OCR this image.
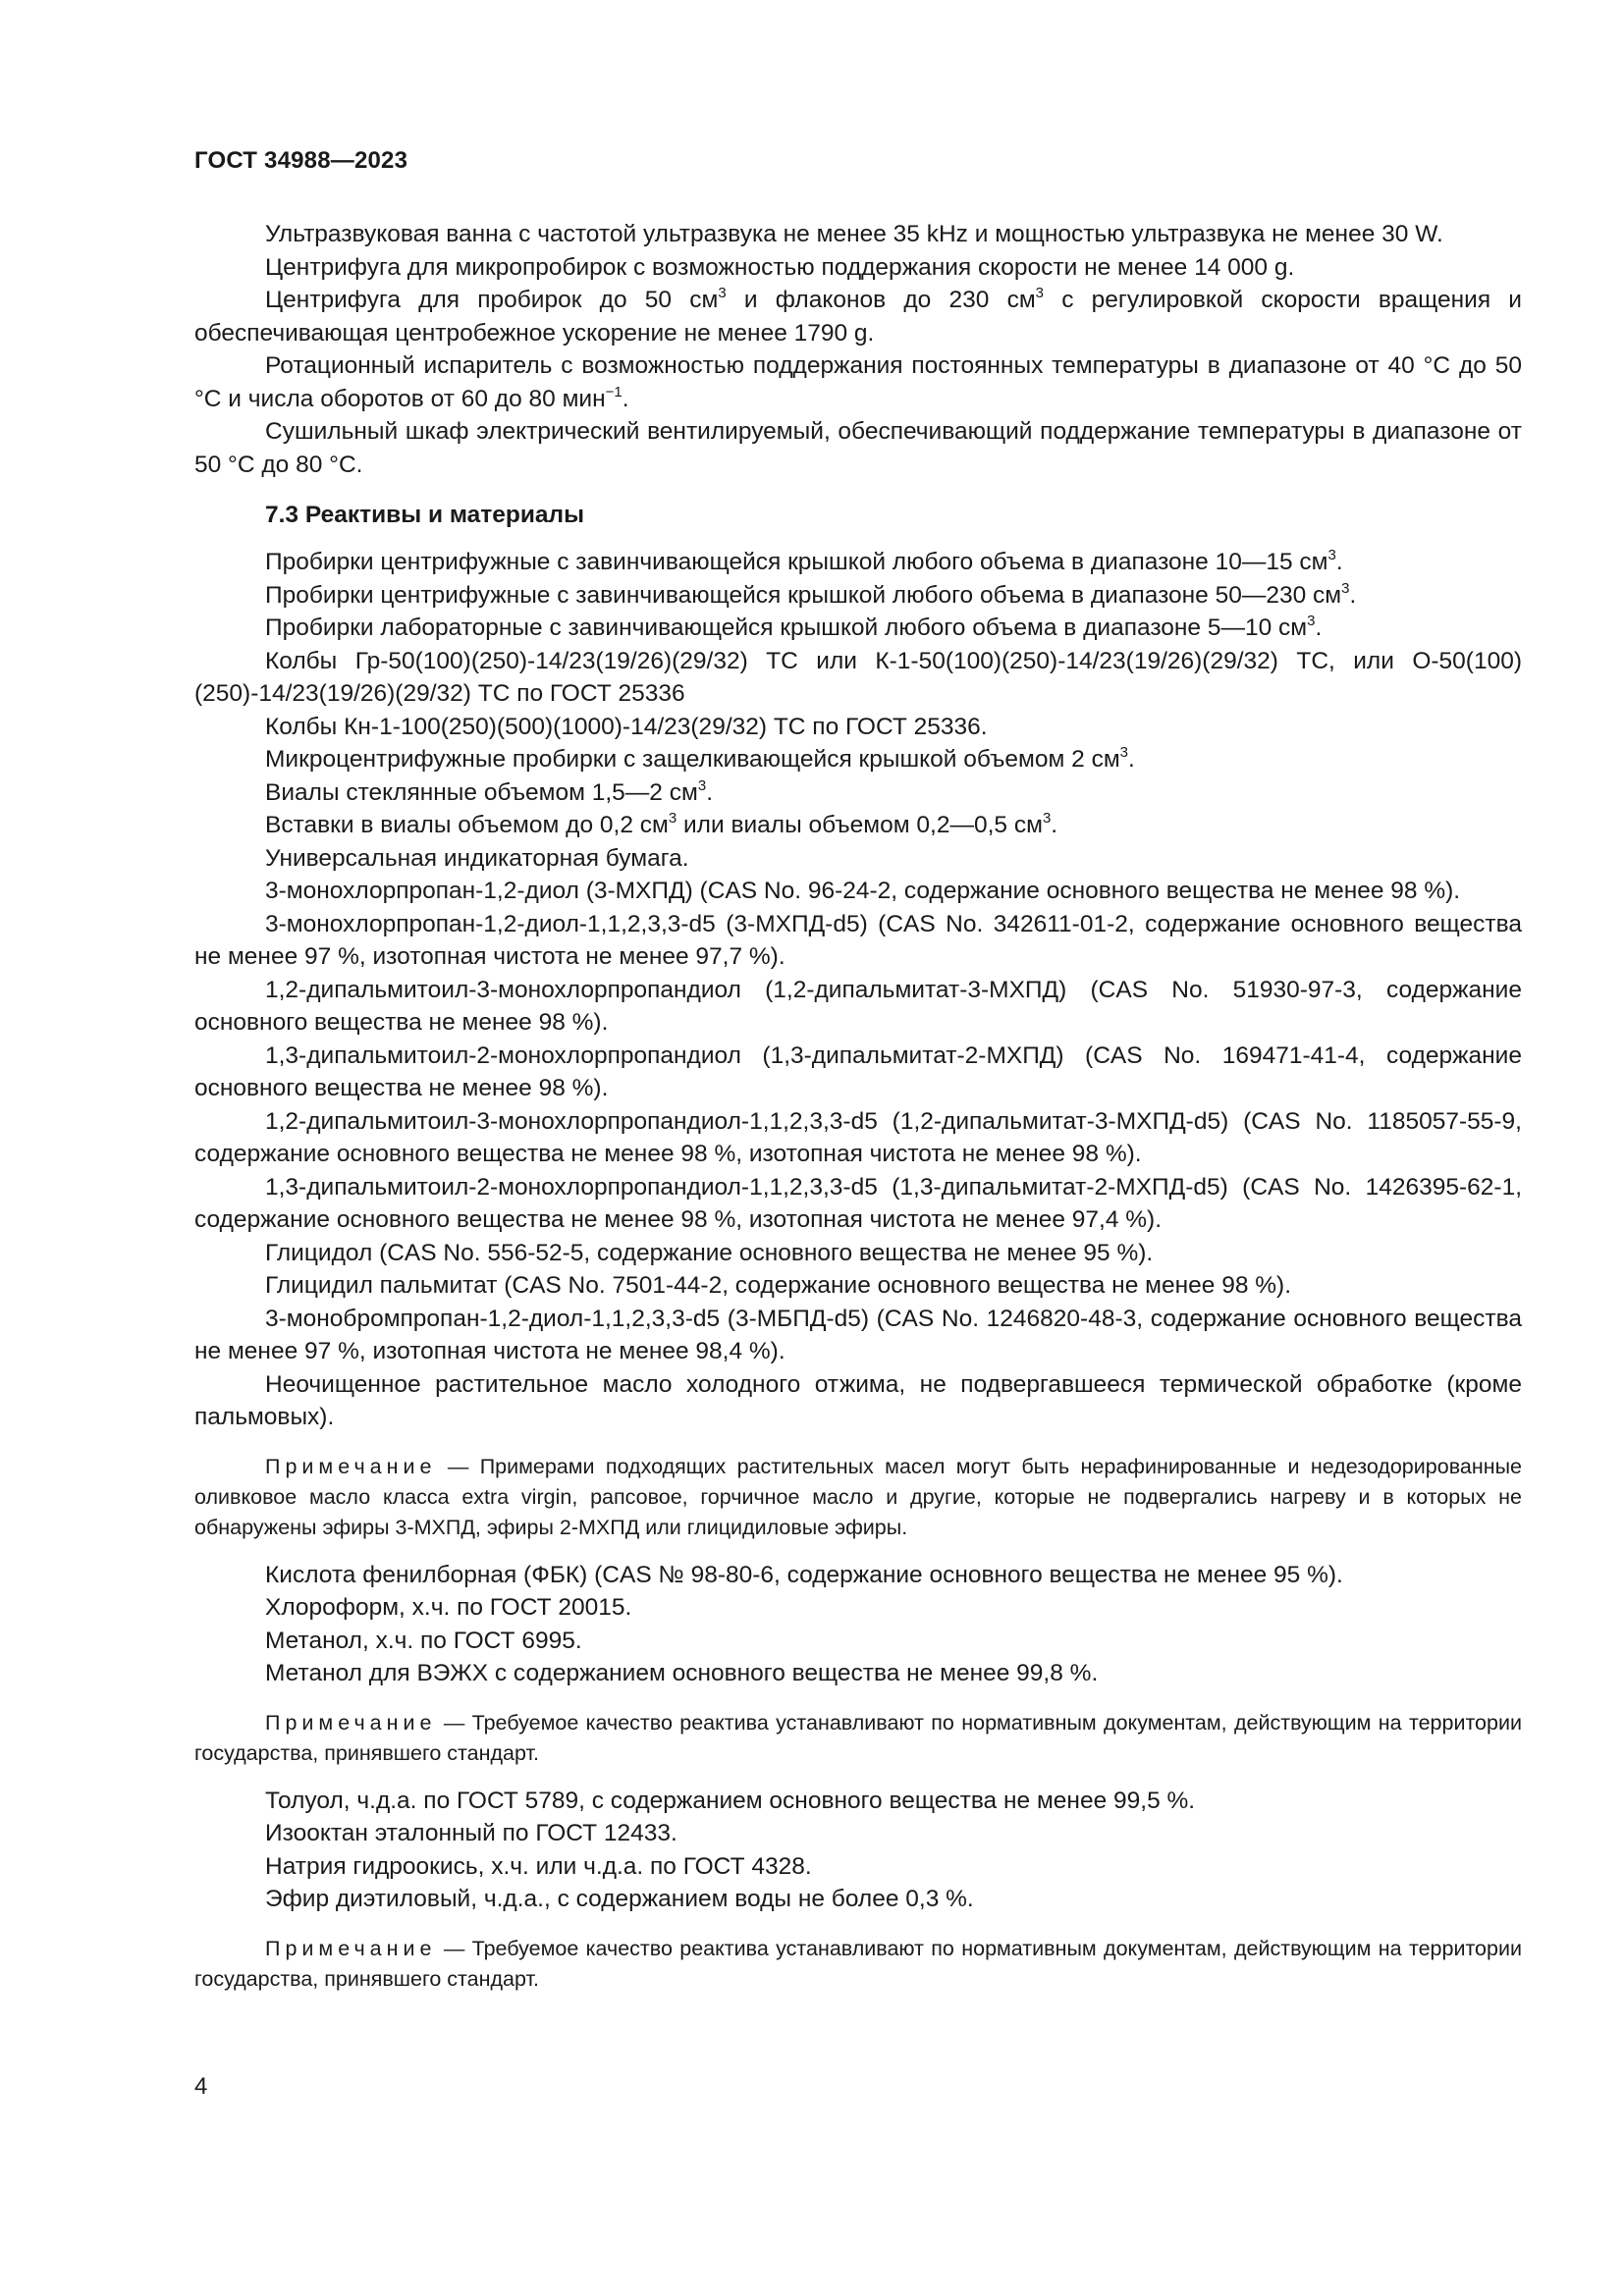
ГОСТ 34988—2023

Ультразвуковая ванна с частотой ультразвука не менее 35 kHz и мощностью ультразвука не менее 30 W.

Центрифуга для микропробирок с возможностью поддержания скорости не менее 14 000 g.

Центрифуга для пробирок до 50 $см^3$ и флаконов до 230 $см^3$ с регулировкой скорости вращения и обеспечивающая центробежное ускорение не менее 1790 g.

Ротационный испаритель с возможностью поддержания постоянных температуры в диапазоне от 40 °С до 50 °С и числа оборотов от 60 до 80 мин$^{-1}$.

Сушильный шкаф электрический вентилируемый, обеспечивающий поддержание температуры в диапазоне от 50 °С до 80 °С.

7.3 Реактивы и материалы

Пробирки центрифужные с завинчивающейся крышкой любого объема в диапазоне 10—15 $см^3$.

Пробирки центрифужные с завинчивающейся крышкой любого объема в диапазоне 50—230 $см^3$.

Пробирки лабораторные с завинчивающейся крышкой любого объема в диапазоне 5—10 $см^3$.

Колбы Гр-50(100)(250)-14/23(19/26)(29/32) ТС или К-1-50(100)(250)-14/23(19/26)(29/32) ТС, или О-50(100)(250)-14/23(19/26)(29/32) ТС по ГОСТ 25336

Колбы Кн-1-100(250)(500)(1000)-14/23(29/32) ТС по ГОСТ 25336.

Микроцентрифужные пробирки с защелкивающейся крышкой объемом 2 $см^3$.

Виалы стеклянные объемом 1,5—2 $см^3$.

Вставки в виалы объемом до 0,2 $см^3$ или виалы объемом 0,2—0,5 $см^3$.

Универсальная индикаторная бумага.

3-монохлорпропан-1,2-диол (3-МХПД) (CAS No. 96-24-2, содержание основного вещества не менее 98 %).

3-монохлорпропан-1,2-диол-1,1,2,3,3-d5 (3-МХПД-d5) (CAS No. 342611-01-2, содержание основного вещества не менее 97 %, изотопная чистота не менее 97,7 %).

1,2-дипальмитоил-3-монохлорпропандиол (1,2-дипальмитат-3-МХПД) (CAS No. 51930-97-3, содержание основного вещества не менее 98 %).

1,3-дипальмитоил-2-монохлорпропандиол (1,3-дипальмитат-2-МХПД) (CAS No. 169471-41-4, содержание основного вещества не менее 98 %).

1,2-дипальмитоил-3-монохлорпропандиол-1,1,2,3,3-d5 (1,2-дипальмитат-3-МХПД-d5) (CAS No. 1185057-55-9, содержание основного вещества не менее 98 %, изотопная чистота не менее 98 %).

1,3-дипальмитоил-2-монохлорпропандиол-1,1,2,3,3-d5 (1,3-дипальмитат-2-МХПД-d5) (CAS No. 1426395-62-1, содержание основного вещества не менее 98 %, изотопная чистота не менее 97,4 %).

Глицидол (CAS No. 556-52-5, содержание основного вещества не менее 95 %).

Глицидил пальмитат (CAS No. 7501-44-2, содержание основного вещества не менее 98 %).

3-монобромпропан-1,2-диол-1,1,2,3,3-d5 (3-МБПД-d5) (CAS No. 1246820-48-3, содержание основного вещества не менее 97 %, изотопная чистота не менее 98,4 %).

Неочищенное растительное масло холодного отжима, не подвергавшееся термической обработке (кроме пальмовых).

Примечание — Примерами подходящих растительных масел могут быть нерафинированные и недезодорированные оливковое масло класса extra virgin, рапсовое, горчичное масло и другие, которые не подвергались нагреву и в которых не обнаружены эфиры 3-МХПД, эфиры 2-МХПД или глицидиловые эфиры.

Кислота фенилборная (ФБК) (CAS № 98-80-6, содержание основного вещества не менее 95 %).

Хлороформ, х.ч. по ГОСТ 20015.

Метанол, х.ч. по ГОСТ 6995.

Метанол для ВЭЖХ с содержанием основного вещества не менее 99,8 %.

Примечание — Требуемое качество реактива устанавливают по нормативным документам, действующим на территории государства, принявшего стандарт.

Толуол, ч.д.а. по ГОСТ 5789, с содержанием основного вещества не менее 99,5 %.

Изооктан эталонный по ГОСТ 12433.

Натрия гидроокись, х.ч. или ч.д.а. по ГОСТ 4328.

Эфир диэтиловый, ч.д.а., с содержанием воды не более 0,3 %.

Примечание — Требуемое качество реактива устанавливают по нормативным документам, действующим на территории государства, принявшего стандарт.
4
